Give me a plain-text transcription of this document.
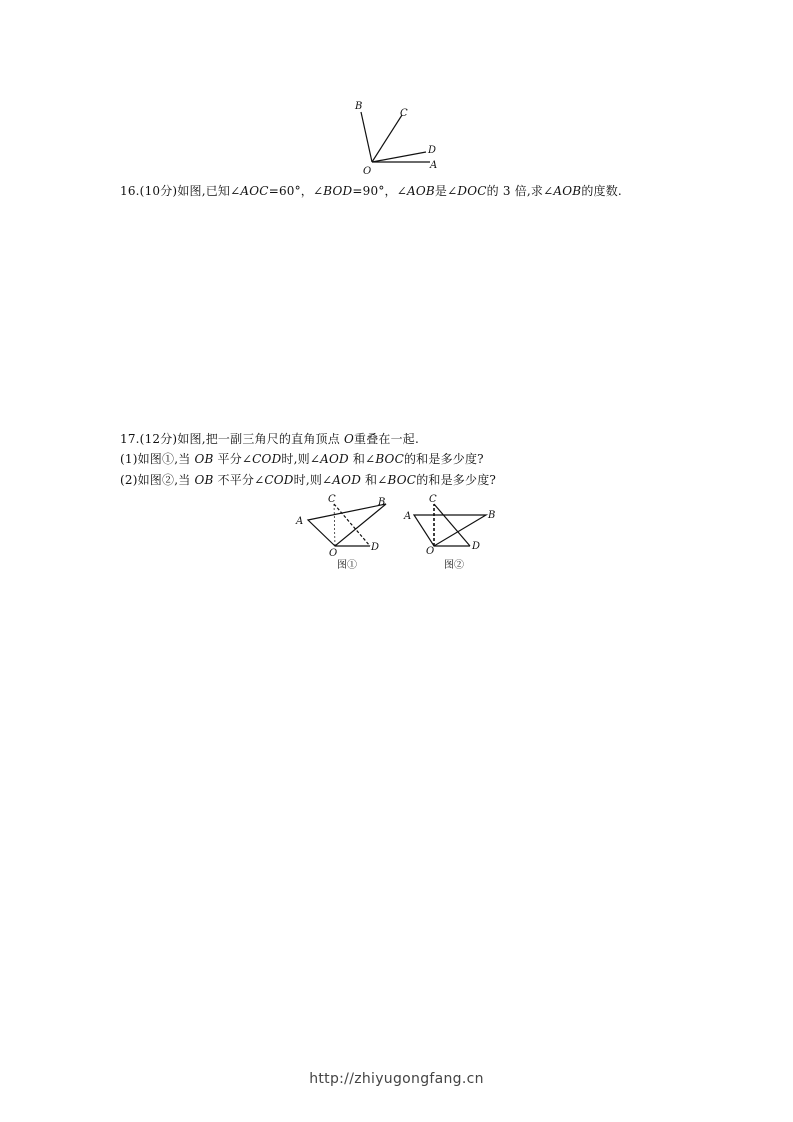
B
C
D
A
O
16.(10分)如图,已知∠AOC=60°，∠BOD=90°，∠AOB是∠DOC的 3 倍,求∠AOB的度数.
17.(12分)如图,把一副三角尺的直角顶点 O重叠在一起.
(1)如图①,当 OB 平分∠COD时,则∠AOD 和∠BOC的和是多少度?
(2)如图②,当 OB 不平分∠COD时,则∠AOD 和∠BOC的和是多少度?
C	B
A
O
D
图①
C
A	B
O	D
图②
http://zhiyugongfang.cn
